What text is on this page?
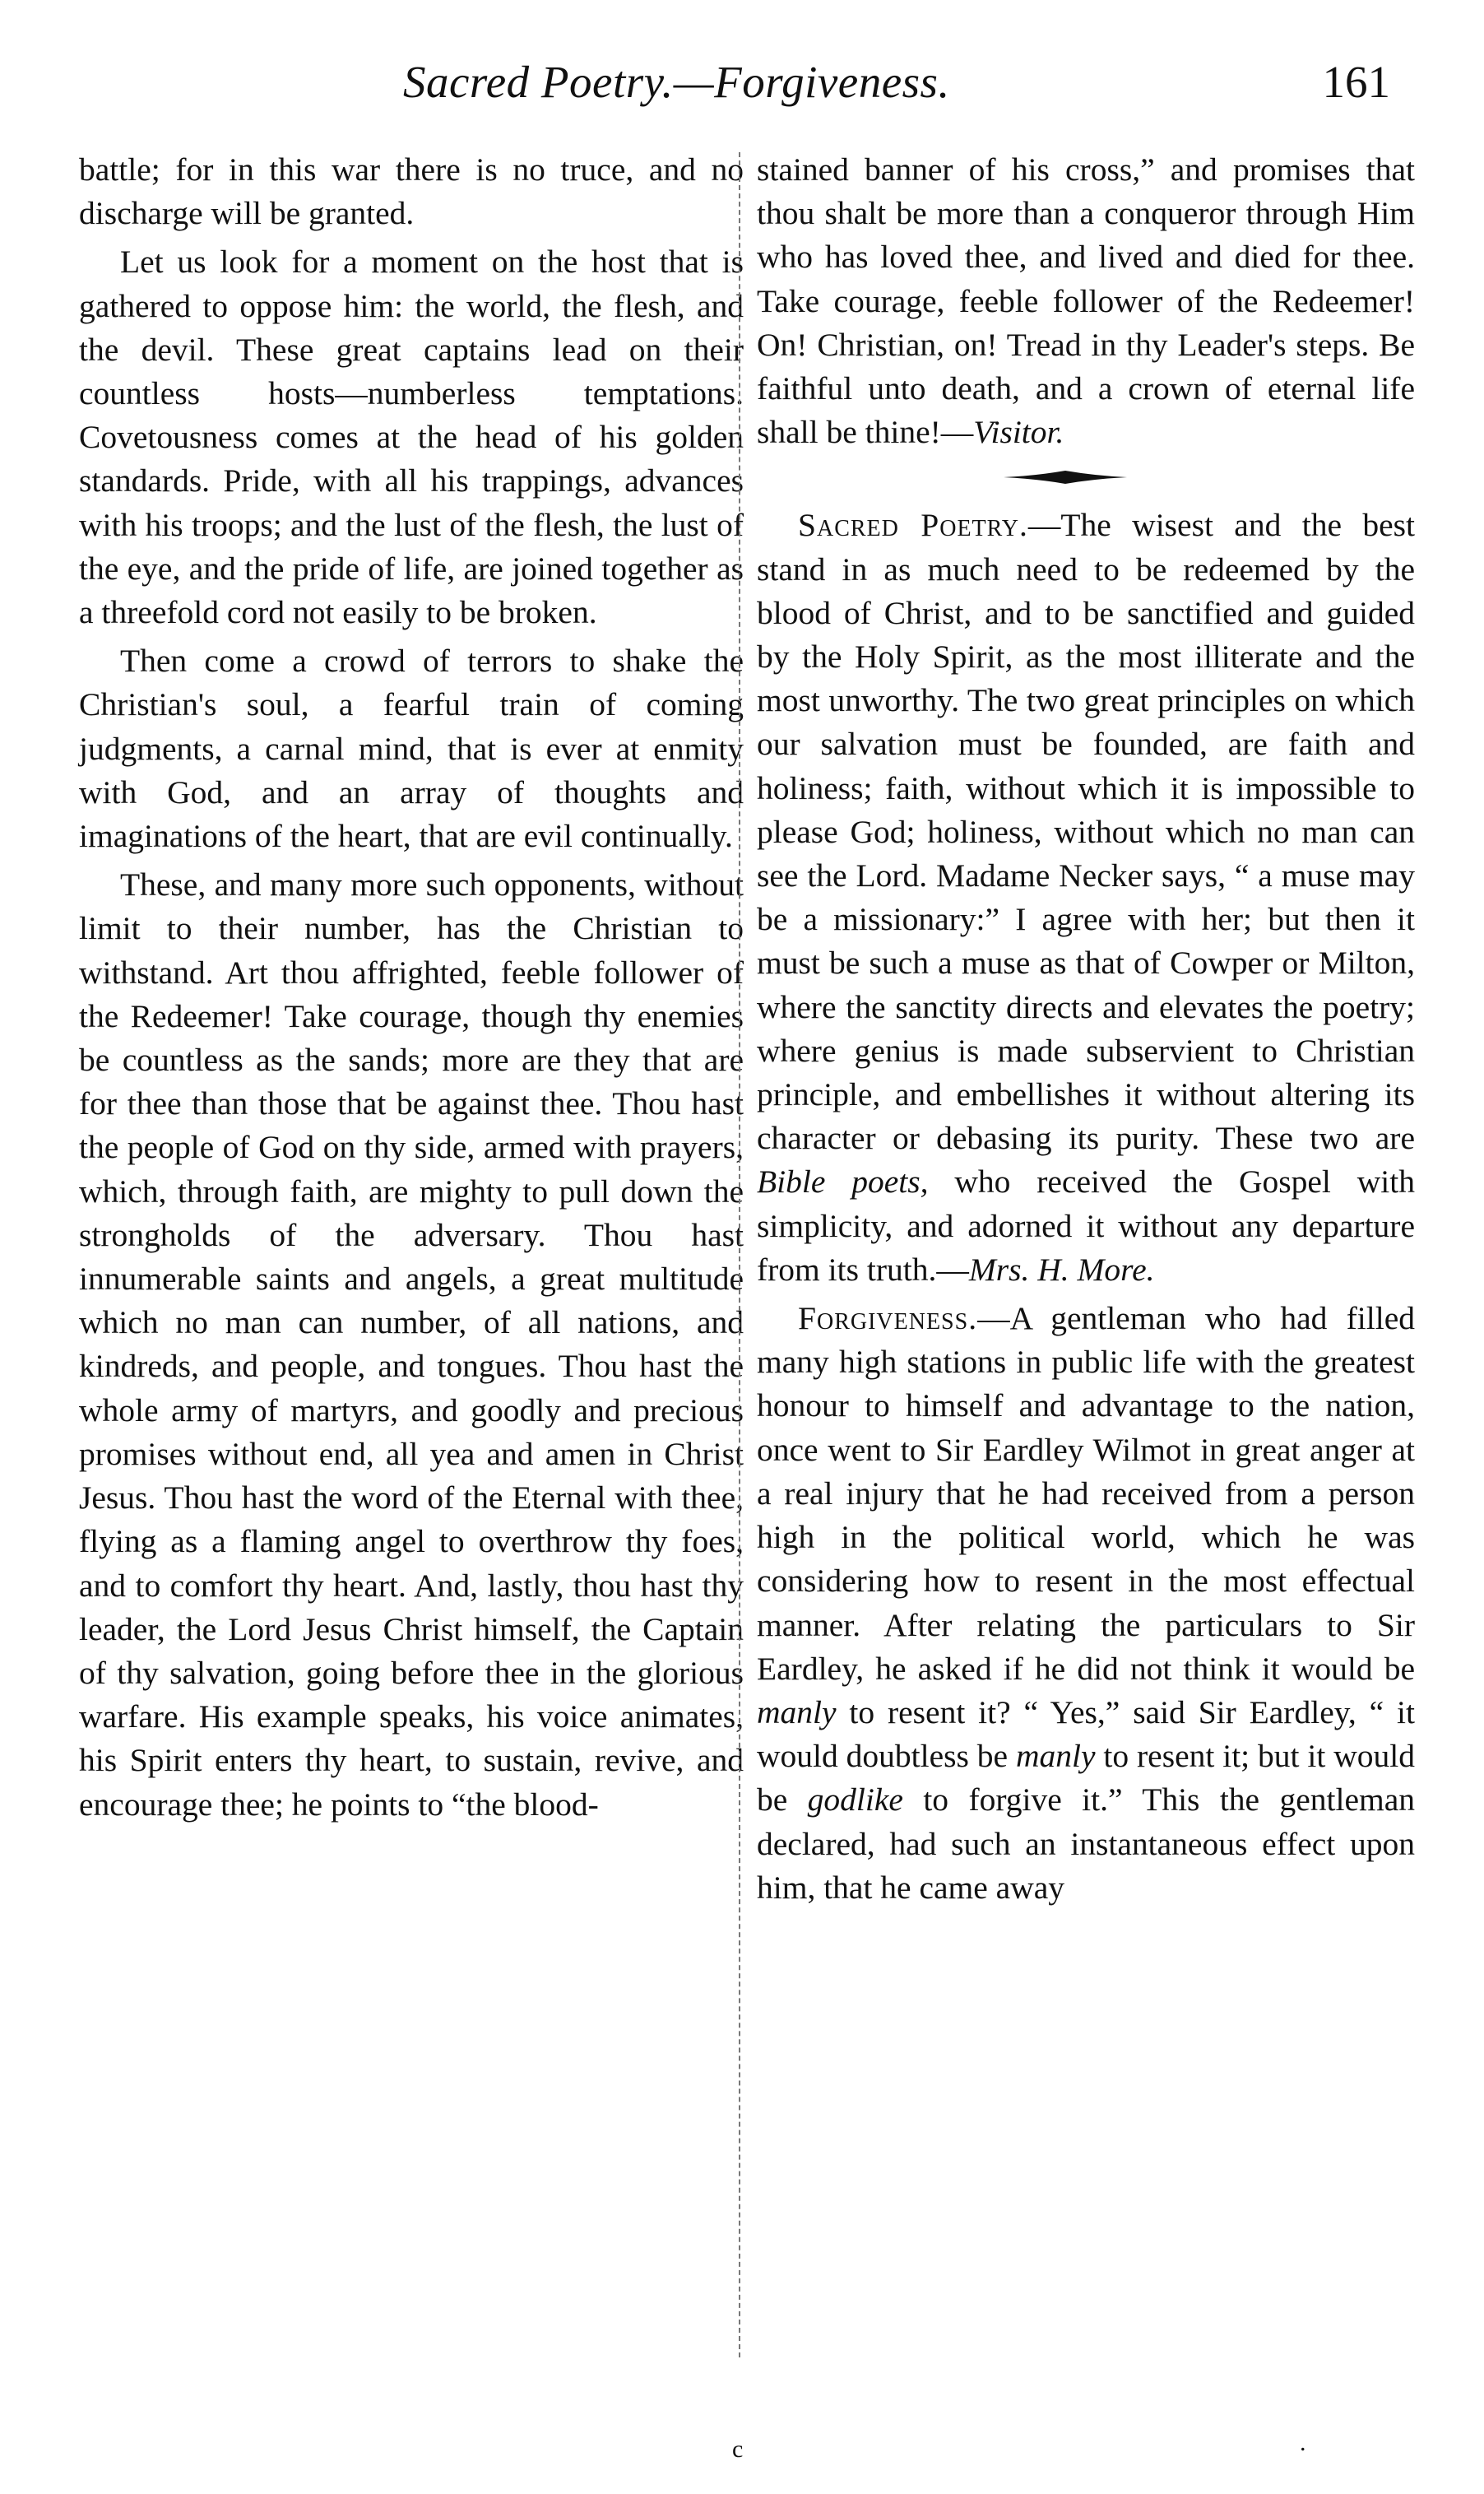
Sacred Poetry.—Forgiveness.	161

battle; for in this war there is no truce, and no discharge will be granted.

Let us look for a moment on the host that is gathered to oppose him: the world, the flesh, and the devil. These great captains lead on their countless hosts—numberless temptations. Covetousness comes at the head of his golden standards. Pride, with all his trappings, advances with his troops; and the lust of the flesh, the lust of the eye, and the pride of life, are joined together as a threefold cord not easily to be broken.

Then come a crowd of terrors to shake the Christian's soul, a fearful train of coming judgments, a carnal mind, that is ever at enmity with God, and an array of thoughts and imaginations of the heart, that are evil continually.

These, and many more such opponents, without limit to their number, has the Christian to withstand. Art thou affrighted, feeble follower of the Redeemer! Take courage, though thy enemies be countless as the sands; more are they that are for thee than those that be against thee. Thou hast the people of God on thy side, armed with prayers, which, through faith, are mighty to pull down the strongholds of the adversary. Thou hast innumerable saints and angels, a great multitude which no man can number, of all nations, and kindreds, and people, and tongues. Thou hast the whole army of martyrs, and goodly and precious promises without end, all yea and amen in Christ Jesus. Thou hast the word of the Eternal with thee, flying as a flaming angel to overthrow thy foes, and to comfort thy heart. And, lastly, thou hast thy leader, the Lord Jesus Christ himself, the Captain of thy salvation, going before thee in the glorious warfare. His example speaks, his voice animates, his Spirit enters thy heart, to sustain, revive, and encourage thee; he points to “the blood-

stained banner of his cross,” and promises that thou shalt be more than a conqueror through Him who has loved thee, and lived and died for thee. Take courage, feeble follower of the Redeemer! On! Christian, on! Tread in thy Leader's steps. Be faithful unto death, and a crown of eternal life shall be thine!—Visitor.

Sacred Poetry.—The wisest and the best stand in as much need to be redeemed by the blood of Christ, and to be sanctified and guided by the Holy Spirit, as the most illiterate and the most unworthy. The two great principles on which our salvation must be founded, are faith and holiness; faith, without which it is impossible to please God; holiness, without which no man can see the Lord. Madame Necker says, “ a muse may be a missionary:” I agree with her; but then it must be such a muse as that of Cowper or Milton, where the sanctity directs and elevates the poetry; where genius is made subservient to Christian principle, and embellishes it without altering its character or debasing its purity. These two are Bible poets, who received the Gospel with simplicity, and adorned it without any departure from its truth.—Mrs. H. More.

Forgiveness.—A gentleman who had filled many high stations in public life with the greatest honour to himself and advantage to the nation, once went to Sir Eardley Wilmot in great anger at a real injury that he had received from a person high in the political world, which he was considering how to resent in the most effectual manner. After relating the particulars to Sir Eardley, he asked if he did not think it would be manly to resent it? “ Yes,” said Sir Eardley, “ it would doubtless be manly to resent it; but it would be godlike to forgive it.” This the gentleman declared, had such an instantaneous effect upon him, that he came away

c	.
